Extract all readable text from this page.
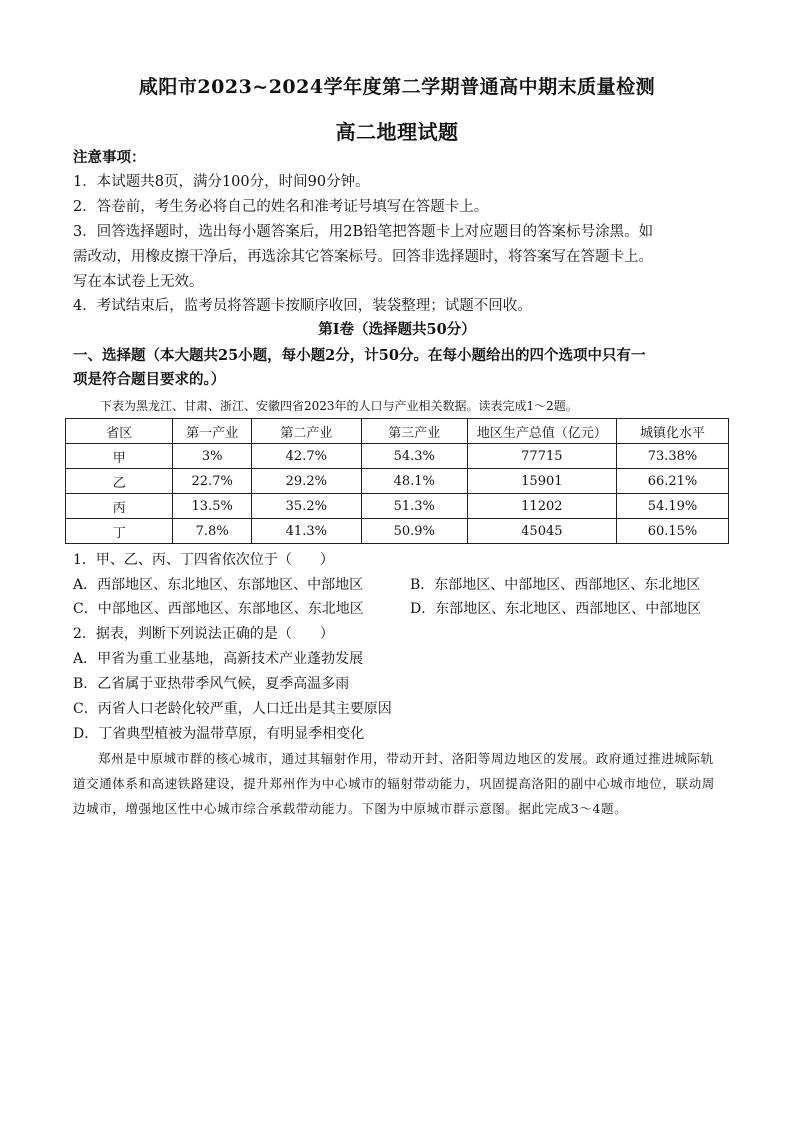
咸阳市2023~2024学年度第二学期普通高中期末质量检测
高二地理试题
注意事项：
1．本试题共8页，满分100分，时间90分钟。
2．答卷前，考生务必将自己的姓名和准考证号填写在答题卡上。
3．回答选择题时，选出每小题答案后，用2B铅笔把答题卡上对应题目的答案标号涂黑。如
需改动，用橡皮擦干净后，再选涂其它答案标号。回答非选择题时，将答案写在答题卡上。
写在本试卷上无效。
4．考试结束后，监考员将答题卡按顺序收回，装袋整理；试题不回收。
第Ⅰ卷（选择题共50分）
一、选择题（本大题共25小题，每小题2分，计50分。在每小题给出的四个选项中只有一
项是符合题目要求的。）
下表为黑龙江、甘肃、浙江、安徽四省2023年的人口与产业相关数据。读表完成1～2题。
省区	第一产业	第二产业	第三产业	地区生产总值（亿元）	城镇化水平
甲	3%	42.7%	54.3%	77715	73.38%
乙	22.7%	29.2%	48.1%	15901	66.21%
丙	13.5%	35.2%	51.3%	11202	54.19%
丁	7.8%	41.3%	50.9%	45045	60.15%
1．甲、乙、丙、丁四省依次位于（　　）
A．西部地区、东北地区、东部地区、中部地区	B．东部地区、中部地区、西部地区、东北地区
C．中部地区、西部地区、东部地区、东北地区	D．东部地区、东北地区、西部地区、中部地区
2．据表，判断下列说法正确的是（　　）
A．甲省为重工业基地，高新技术产业蓬勃发展
B．乙省属于亚热带季风气候，夏季高温多雨
C．丙省人口老龄化较严重，人口迁出是其主要原因
D．丁省典型植被为温带草原，有明显季相变化
郑州是中原城市群的核心城市，通过其辐射作用，带动开封、洛阳等周边地区的发展。政府通过推进城际轨道交通体系和高速铁路建设，提升郑州作为中心城市的辐射带动能力，巩固提高洛阳的副中心城市地位，联动周边城市，增强地区性中心城市综合承载带动能力。下图为中原城市群示意图。据此完成3～4题。
